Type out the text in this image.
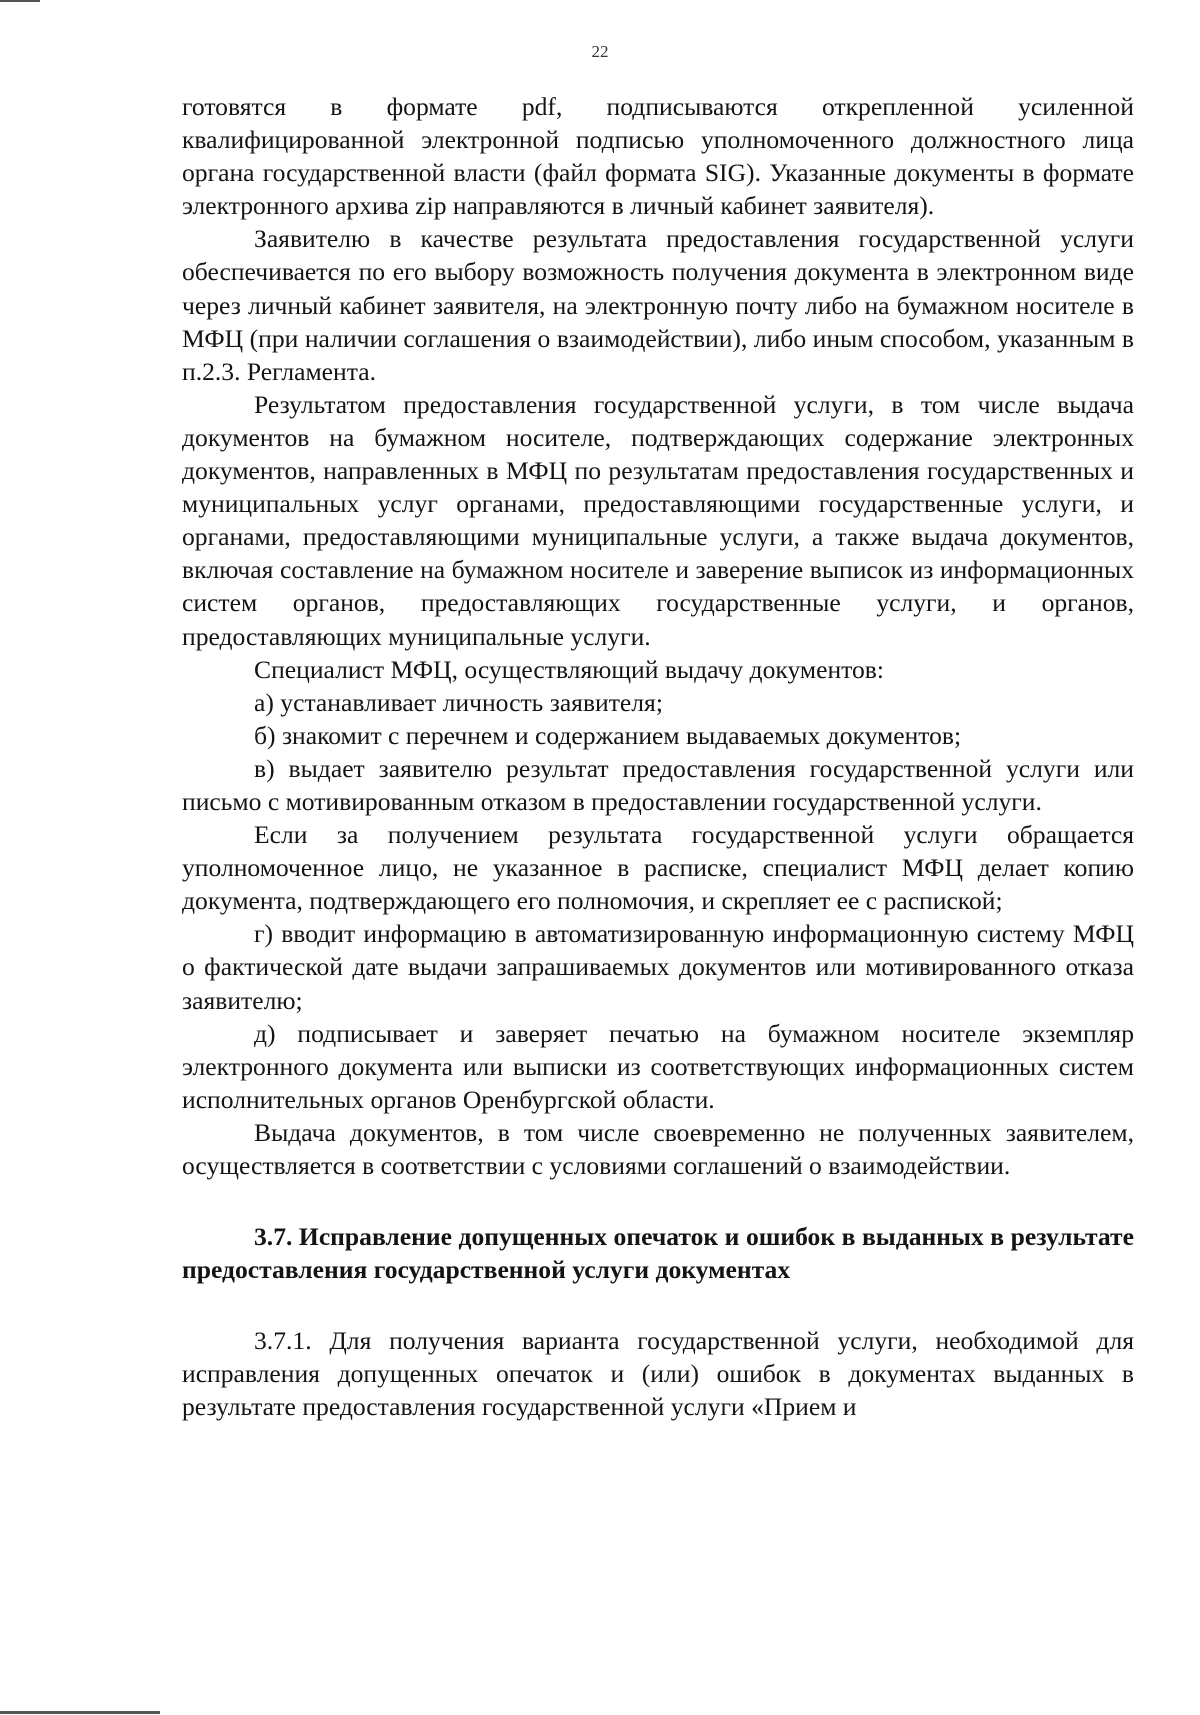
22

готовятся в формате pdf, подписываются открепленной усиленной квалифицированной электронной подписью уполномоченного должностного лица органа государственной власти (файл формата SIG). Указанные документы в формате электронного архива zip направляются в личный кабинет заявителя).

Заявителю в качестве результата предоставления государственной услуги обеспечивается по его выбору возможность получения документа в электронном виде через личный кабинет заявителя, на электронную почту либо на бумажном носителе в МФЦ (при наличии соглашения о взаимодействии), либо иным способом, указанным в п.2.3. Регламента.

Результатом предоставления государственной услуги, в том числе выдача документов на бумажном носителе, подтверждающих содержание электронных документов, направленных в МФЦ по результатам предоставления государственных и муниципальных услуг органами, предоставляющими государственные услуги, и органами, предоставляющими муниципальные услуги, а также выдача документов, включая составление на бумажном носителе и заверение выписок из информационных систем органов, предоставляющих государственные услуги, и органов, предоставляющих муниципальные услуги.

Специалист МФЦ, осуществляющий выдачу документов:

а) устанавливает личность заявителя;

б) знакомит с перечнем и содержанием выдаваемых документов;

в) выдает заявителю результат предоставления государственной услуги или письмо с мотивированным отказом в предоставлении государственной услуги.

Если за получением результата государственной услуги обращается уполномоченное лицо, не указанное в расписке, специалист МФЦ делает копию документа, подтверждающего его полномочия, и скрепляет ее с распиской;

г) вводит информацию в автоматизированную информационную систему МФЦ о фактической дате выдачи запрашиваемых документов или мотивированного отказа заявителю;

д) подписывает и заверяет печатью на бумажном носителе экземпляр электронного документа или выписки из соответствующих информационных систем исполнительных органов Оренбургской области.

Выдача документов, в том числе своевременно не полученных заявителем, осуществляется в соответствии с условиями соглашений о взаимодействии.

3.7. Исправление допущенных опечаток и ошибок в выданных в результате предоставления государственной услуги документах

3.7.1. Для получения варианта государственной услуги, необходимой для исправления допущенных опечаток и (или) ошибок в документах выданных в результате предоставления государственной услуги «Прием и
